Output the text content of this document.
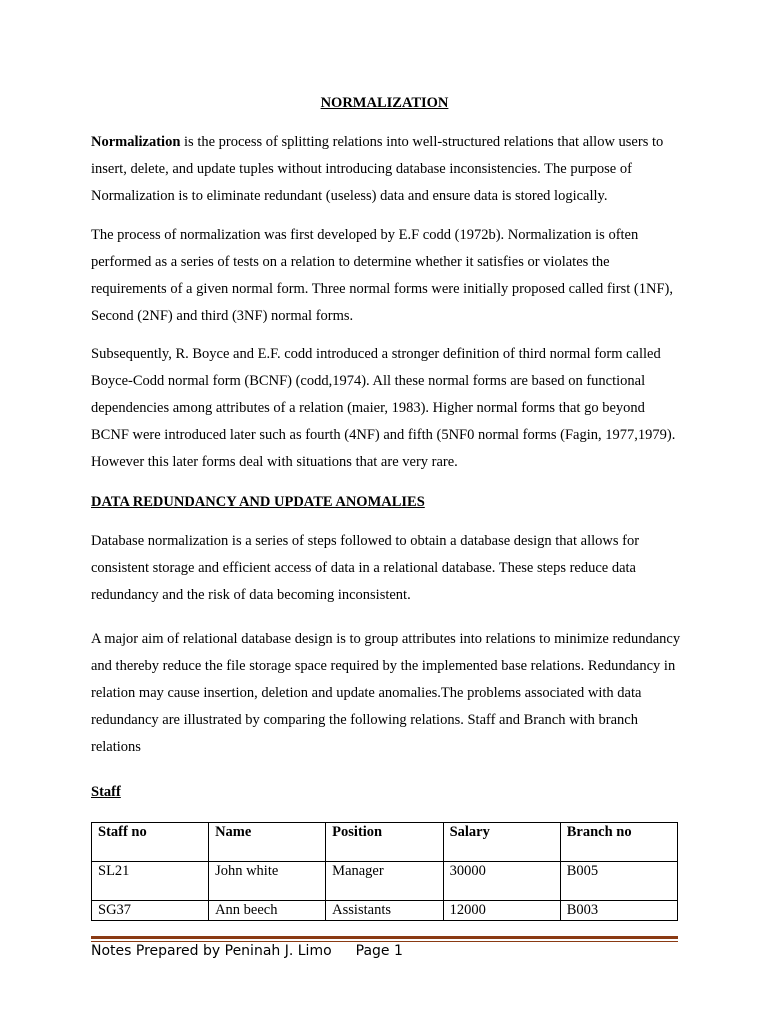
NORMALIZATION

Normalization is the process of splitting relations into well-structured relations that allow users to insert, delete, and update tuples without introducing database inconsistencies. The purpose of Normalization is to eliminate redundant (useless) data and ensure data is stored logically.

The process of normalization was first developed by E.F codd (1972b). Normalization is often performed as a series of tests on a relation to determine whether it satisfies or violates the requirements of a given normal form. Three normal forms were initially proposed called first (1NF), Second (2NF) and third (3NF) normal forms.

Subsequently, R. Boyce and E.F. codd introduced a stronger definition of third normal form called Boyce-Codd normal form (BCNF) (codd,1974). All these normal forms are based on functional dependencies among attributes of a relation (maier, 1983). Higher normal forms that go beyond BCNF were introduced later such as fourth (4NF) and fifth (5NF0 normal forms (Fagin, 1977,1979). However this later forms deal with situations that are very rare.

DATA REDUNDANCY AND UPDATE ANOMALIES

Database normalization is a series of steps followed to obtain a database design that allows for consistent storage and efficient access of data in a relational database. These steps reduce data redundancy and the risk of data becoming inconsistent.

A major aim of relational database design is to group attributes into relations to minimize redundancy and thereby reduce the file storage space required by the implemented base relations. Redundancy in relation may cause insertion, deletion and update anomalies.The problems associated with data redundancy are illustrated by comparing the following relations. Staff and Branch with branch relations

Staff
Staff no	Name	Position	Salary	Branch no
SL21	John white	Manager	30000	B005
SG37	Ann beech	Assistants	12000	B003
Notes Prepared by Peninah J. Limo Page 1
